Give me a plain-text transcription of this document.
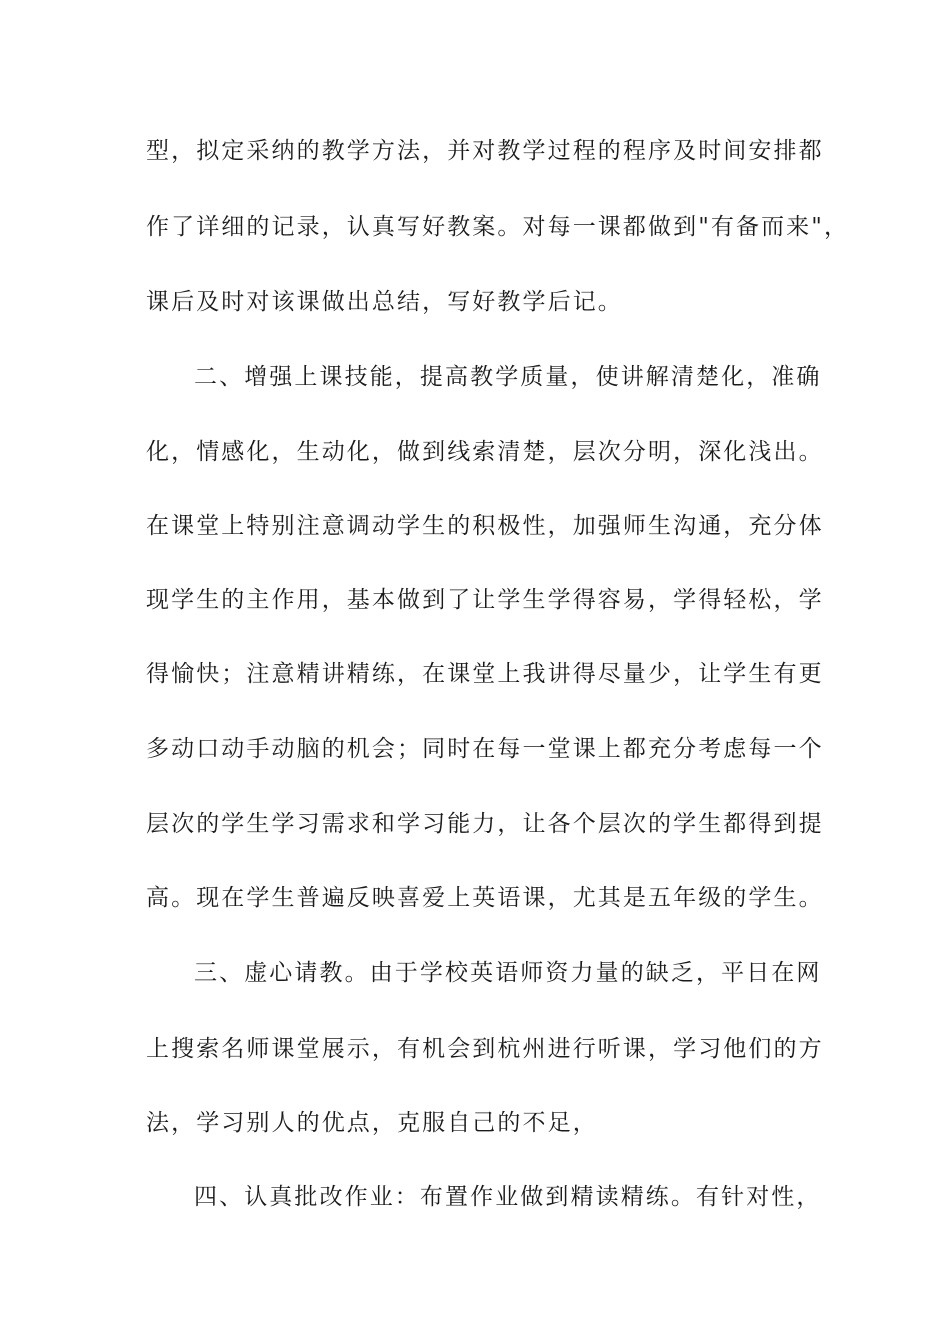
型，拟定采纳的教学方法，并对教学过程的程序及时间安排都
作了详细的记录，认真写好教案。对每一课都做到"有备而来"，
课后及时对该课做出总结，写好教学后记。
二、增强上课技能，提高教学质量，使讲解清楚化，准确
化，情感化，生动化，做到线索清楚，层次分明，深化浅出。
在课堂上特别注意调动学生的积极性，加强师生沟通，充分体
现学生的主作用，基本做到了让学生学得容易，学得轻松，学
得愉快；注意精讲精练，在课堂上我讲得尽量少，让学生有更
多动口动手动脑的机会；同时在每一堂课上都充分考虑每一个
层次的学生学习需求和学习能力，让各个层次的学生都得到提
高。现在学生普遍反映喜爱上英语课，尤其是五年级的学生。
三、虚心请教。由于学校英语师资力量的缺乏，平日在网
上搜索名师课堂展示，有机会到杭州进行听课，学习他们的方
法，学习别人的优点，克服自己的不足，
四、认真批改作业：布置作业做到精读精练。有针对性，
